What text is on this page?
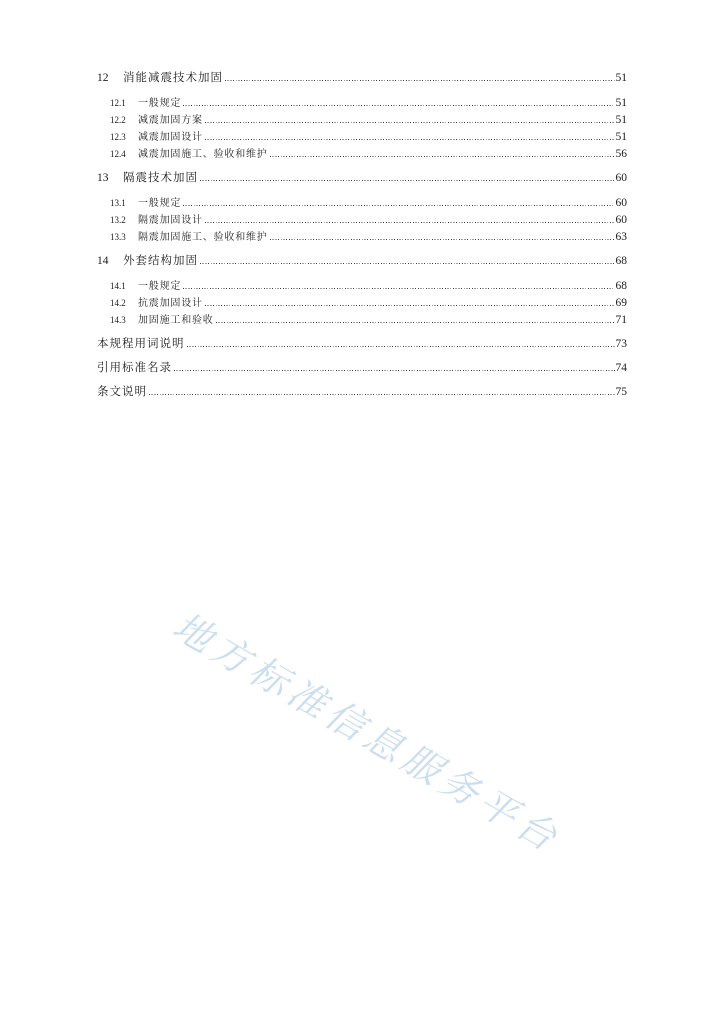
12	消能减震技术加固	51
12.1	一般规定	51
12.2	减震加固方案	51
12.3	减震加固设计	51
12.4	减震加固施工、验收和维护	56
13	隔震技术加固	60
13.1	一般规定	60
13.2	隔震加固设计	60
13.3	隔震加固施工、验收和维护	63
14	外套结构加固	68
14.1	一般规定	68
14.2	抗震加固设计	69
14.3	加固施工和验收	71
本规程用词说明	73
引用标准名录	74
条文说明	75
地方标准信息服务平台
